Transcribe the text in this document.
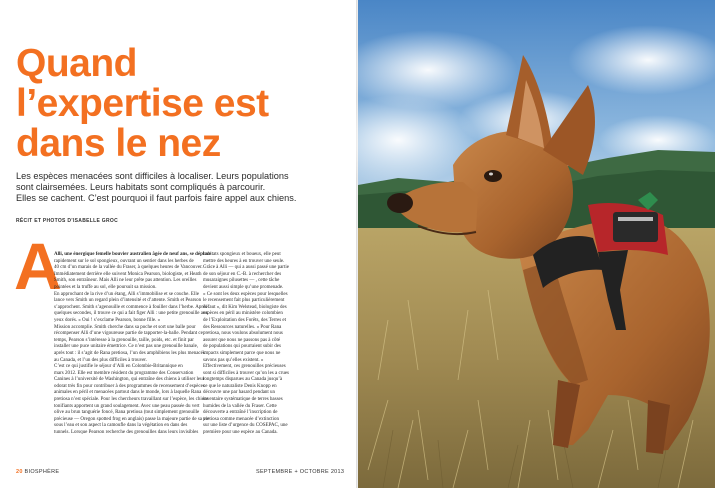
Quand
l’expertise est
dans le nez
Les espèces menacées sont difficiles à localiser. Leurs populations
sont clairsemées. Leurs habitats sont compliqués à parcourir.
Elles se cachent. C’est pourquoi il faut parfois faire appel aux chiens.
RÉCIT ET PHOTOS D’ISABELLE GROC
A
Alli, une énergique femelle bouvier australien âgée de neuf ans, se déplace
rapidement sur le sol spongieux, ouvrant un sentier dans les herbes de
40 cm d’un marais de la vallée du Fraser, à quelques heures de Vancouver.
Immédiatement derrière elle suivent Monica Pearson, biologiste, et Heath
Smith, son entraîneur. Mais Alli ne leur prête pas attention. Les oreilles
pointées et la truffe au sol, elle poursuit sa mission.
En approchant de la rive d’un étang, Alli s’immobilise et se couche. Elle
lance vers Smith un regard plein d’intensité et d’attente. Smith et Pearson
s’approchent. Smith s’agenouille et commence à fouiller dans l’herbe. Après
quelques secondes, il trouve ce qui a fait figer Alli : une petite grenouille aux
yeux dorés. « Oui ! s’exclame Pearson, bonne fille. »
Mission accomplie. Smith cherche dans sa poche et sort une balle pour
récompenser Alli d’une vigoureuse partie de tapporter-la-balle. Pendant ce
temps, Pearson s’intéresse à la grenouille, taille, poids, etc. et finit par
installer une puce unitaire émettrice. Ce n’est pas une grenouille banale,
après tout : il s’agit de Rana pretiosa, l’un des amphibiens les plus menacés
au Canada, et l’un des plus difficiles à trouver.
C’est ce qui justifie le séjour d’Alli en Colombie-Britannique en
mars 2012. Elle est membre résident du programme des Conservation
Canines à l’université de Washington, qui entraîne des chiens à utiliser leur
odorat très fin pour contribuer à des programmes de recensement d’espèces
animales en péril et menacées partout dans le monde, lors à laquelle Rana
pretiosa n’est spéciale. Pour les chercheurs travaillant sur l’espèce, les chiens
tonifiants apportent un grand soulagement. Avec une peau passée du vert
olive au brun tanguérie foncé, Rana pretiosa (tout simplement grenouille
précieuse — Oregon spotted frog en anglais) passe la majeure partie de sa vie
sous l’eau et son aspect la camoufle dans la végétation en dans des
tunnels. Lorsque Pearson recherche des grenouilles dans leurs invisibles
habitats spongieux et boueux, elle peut
mettre des heures à en trouver une seule.
Grâce à Alli — qui a aussi passé une partie
de son séjour en C.-B. à rechercher des
musaraignes pilusettes — , cette tâche
devient aussi simple qu’une promenade.
« Ce sont les deux espèces pour lesquelles
le recensement fait plus particulièrement
défaut », dit Kim Welstead, biologiste des
espèces en péril au ministère colombien
de l’Exploitation des Forêts, des Terres et
des Ressources naturelles. « Pour Rana
pretiosa, nous voulons absolument nous
assurer que nous ne passons pas à côté
de populations qui pourraient subir des
impacts simplement parce que nous ne
savons pas qu’elles existent. »
Effectivement, ces grenouilles précieuses
sont si difficiles à trouver qu’on les a crues
longtemps disparues au Canada jusqu’à
ce que le naturaliste Denis Knopp en
découvre une par hasard pendant un
inventaire systématique de terres basses
humides de la vallée du Fraser. Cette
découverte a entraîné l’inscription de
pretiosa comme menacée d’extinction
sur une liste d’urgence du COSEPAC, une
première pour une espèce au Canada.
20 BIOSPHÈRE	SEPTEMBRE + OCTOBRE 2013
